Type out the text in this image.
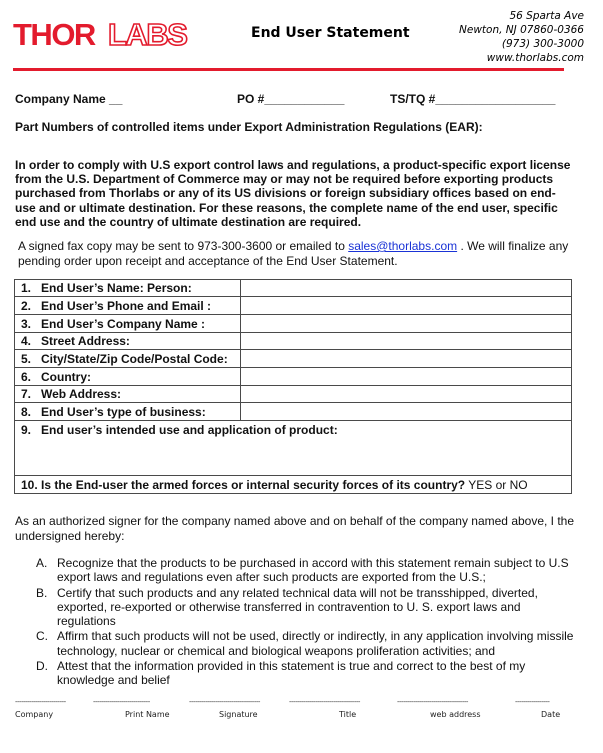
THOR LABS	End User Statement
56 Sparta Ave
Newton, NJ 07860-0366
(973) 300-3000
www.thorlabs.com
Company Name __	PO #____________	TS/TQ #__________________
Part Numbers of controlled items under Export Administration Regulations (EAR):
In order to comply with U.S export control laws and regulations, a product-specific export license from the U.S. Department of Commerce may or may not be required before exporting products purchased from Thorlabs or any of its US divisions or foreign subsidiary offices based on end-use and or ultimate destination. For these reasons, the complete name of the end user, specific end use and the country of ultimate destination are required.
A signed fax copy may be sent to 973-300-3600 or emailed to sales@thorlabs.com . We will finalize any pending order upon receipt and acceptance of the End User Statement.
1. End User’s Name: Person:	
2. End User’s Phone and Email :	
3. End User’s Company Name :	
4. Street Address:	
5. City/State/Zip Code/Postal Code:	
6. Country:	
7. Web Address:	
8. End User’s type of business:	
9. End user’s intended use and application of product:	
10. Is the End-user the armed forces or internal security forces of its country? YES or NO	
As an authorized signer for the company named above and on behalf of the company named above, I the undersigned hereby:
A. Recognize that the products to be purchased in accord with this statement remain subject to U.S export laws and regulations even after such products are exported from the U.S.;
B. Certify that such products and any related technical data will not be transshipped, diverted, exported, re-exported or otherwise transferred in contravention to U. S. export laws and regulations
C. Affirm that such products will not be used, directly or indirectly, in any application involving missile technology, nuclear or chemical and biological weapons proliferation activities; and
D. Attest that the information provided in this statement is true and correct to the best of my knowledge and belief
-------------------------	----------------------------	-----------------------------------	-----------------------------------	-----------------------------------	-----------------
Company	Print Name	Signature	Title	web address	Date
